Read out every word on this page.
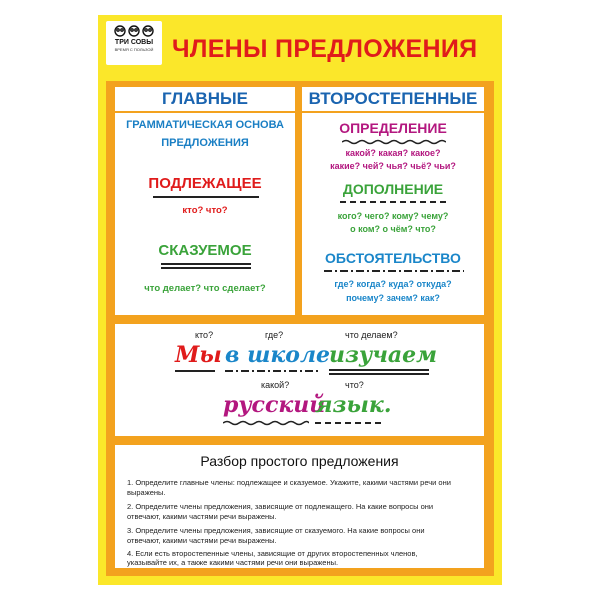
ТРИ СОВЫ
ВРЕМЯ С ПОЛЬЗОЙ ЧЛЕНЫ ПРЕДЛОЖЕНИЯ
ГЛАВНЫЕ
ГРАММАТИЧЕСКАЯ ОСНОВА
ПРЕДЛОЖЕНИЯ
ПОДЛЕЖАЩЕЕ
кто? что?
СКАЗУЕМОЕ
что делает? что сделает?
ВТОРОСТЕПЕННЫЕ
ОПРЕДЕЛЕНИЕ
какой? какая? какое?
какие? чей? чья? чьё? чьи?
ДОПОЛНЕНИЕ
кого? чего? кому? чему?
о ком? о чём? что?
ОБСТОЯТЕЛЬСТВО
где? когда? куда? откуда?
почему? зачем? как?
кто?	где?	что делаем?
Мы в школе
изучаем
какой?	что?
русский
язык.
Разбор простого предложения
1. Определите главные члены: подлежащее и сказуемое. Укажите, какими частями речи они выражены.
2. Определите члены предложения, зависящие от подлежащего. На какие вопросы они отвечают, какими частями речи выражены.
3. Определите члены предложения, зависящие от сказуемого. На какие вопросы они отвечают, какими частями речи выражены.
4. Если есть второстепенные члены, зависящие от других второстепенных членов, указывайте их, а также какими частями речи они выражены.
